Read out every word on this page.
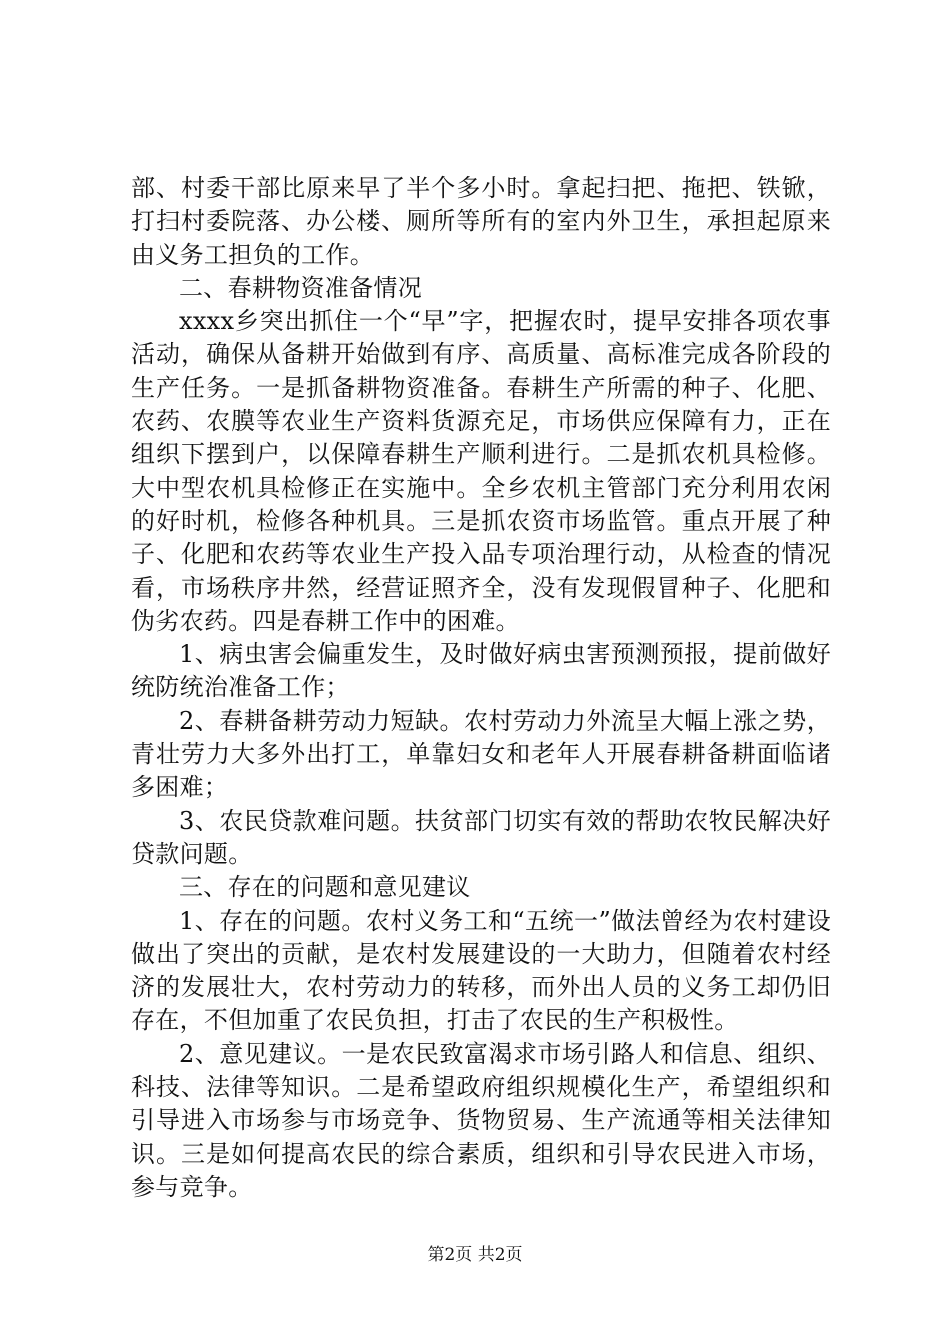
部、村委干部比原来早了半个多小时。拿起扫把、拖把、铁锨，打扫村委院落、办公楼、厕所等所有的室内外卫生，承担起原来由义务工担负的工作。

二、春耕物资准备情况

xxxx乡突出抓住一个“早”字，把握农时，提早安排各项农事活动，确保从备耕开始做到有序、高质量、高标准完成各阶段的生产任务。一是抓备耕物资准备。春耕生产所需的种子、化肥、农药、农膜等农业生产资料货源充足，市场供应保障有力，正在组织下摆到户，以保障春耕生产顺利进行。二是抓农机具检修。大中型农机具检修正在实施中。全乡农机主管部门充分利用农闲的好时机，检修各种机具。三是抓农资市场监管。重点开展了种子、化肥和农药等农业生产投入品专项治理行动，从检查的情况看，市场秩序井然，经营证照齐全，没有发现假冒种子、化肥和伪劣农药。四是春耕工作中的困难。

1、病虫害会偏重发生，及时做好病虫害预测预报，提前做好统防统治准备工作；

2、春耕备耕劳动力短缺。农村劳动力外流呈大幅上涨之势，青壮劳力大多外出打工，单靠妇女和老年人开展春耕备耕面临诸多困难；

3、农民贷款难问题。扶贫部门切实有效的帮助农牧民解决好贷款问题。

三、存在的问题和意见建议

1、存在的问题。农村义务工和“五统一”做法曾经为农村建设做出了突出的贡献，是农村发展建设的一大助力，但随着农村经济的发展壮大，农村劳动力的转移，而外出人员的义务工却仍旧存在，不但加重了农民负担，打击了农民的生产积极性。

2、意见建议。一是农民致富渴求市场引路人和信息、组织、科技、法律等知识。二是希望政府组织规模化生产，希望组织和引导进入市场参与市场竞争、货物贸易、生产流通等相关法律知识。三是如何提高农民的综合素质，组织和引导农民进入市场，参与竞争。

第2页 共2页
